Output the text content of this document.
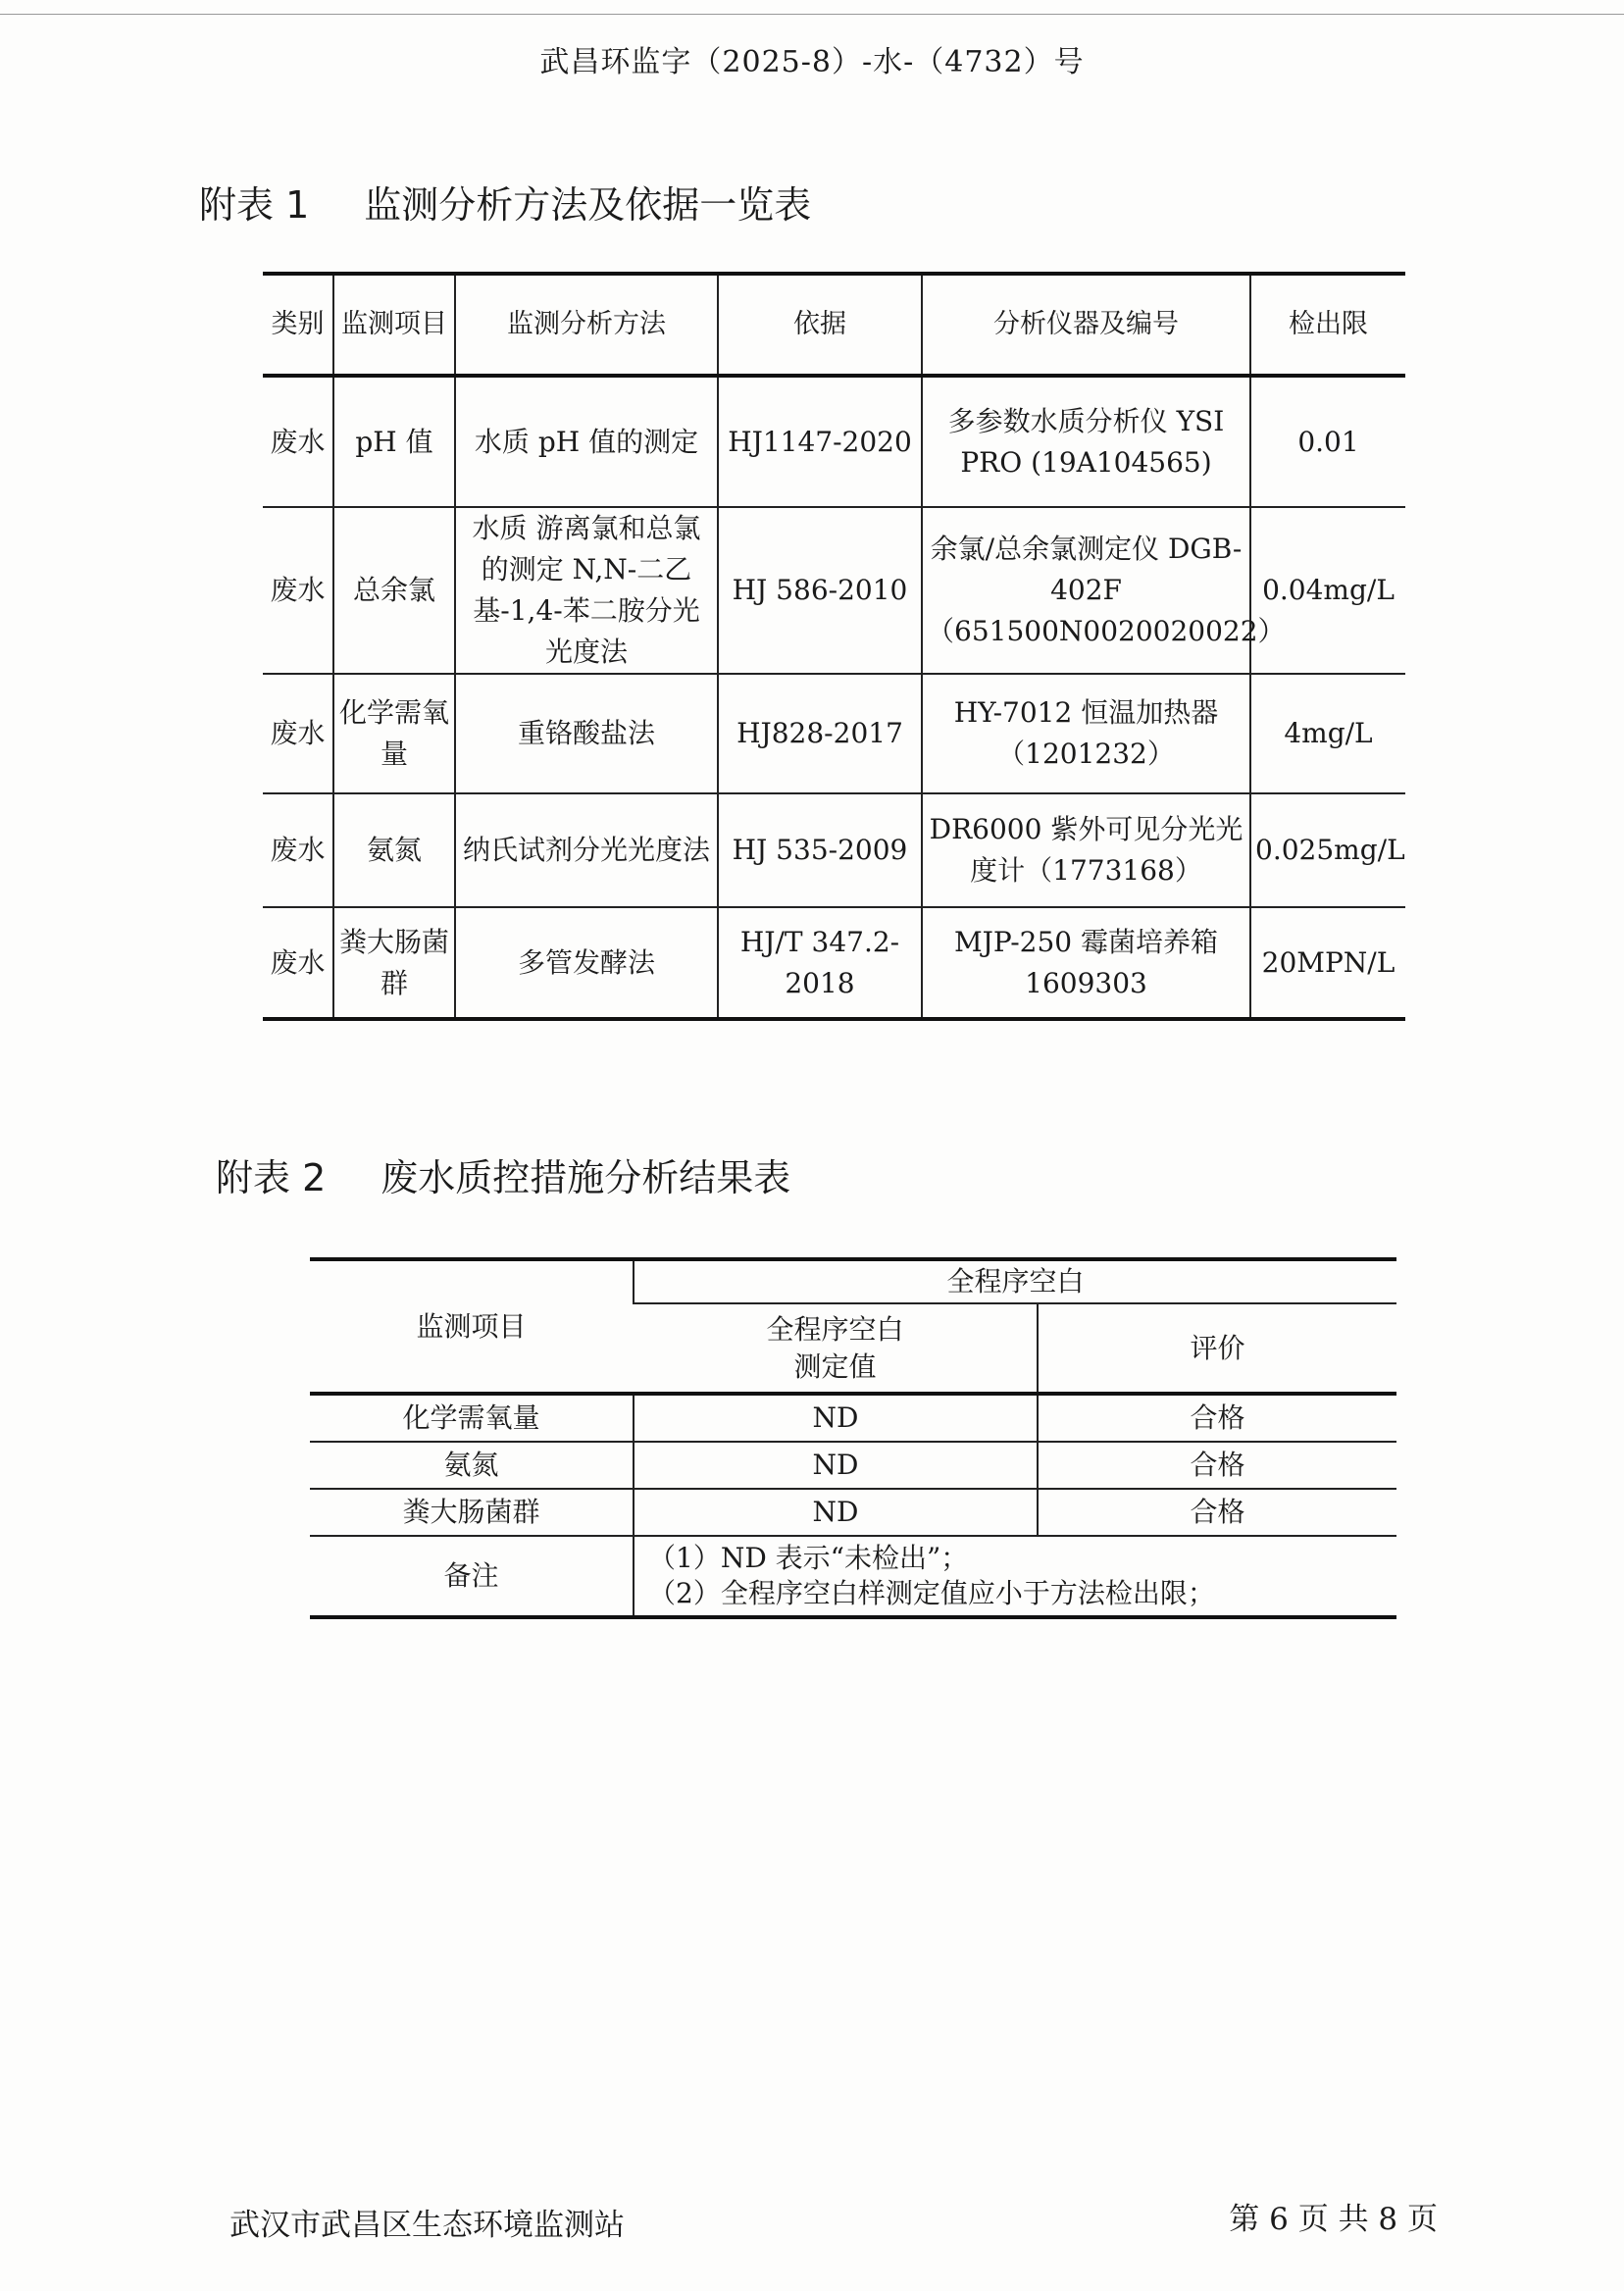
武昌环监字（2025-8）-水-（4732）号
附表 1 监测分析方法及依据一览表
类别	监测项目	监测分析方法	依据	分析仪器及编号	检出限
废水	pH 值	水质 pH 值的测定	HJ1147-2020	多参数水质分析仪 YSI PRO (19A104565)	0.01
废水	总余氯	水质 游离氯和总氯的测定 N,N-二乙基-1,4-苯二胺分光光度法	HJ 586-2010	余氯/总余氯测定仪 DGB-402F （651500N0020020022）	0.04mg/L
废水	化学需氧量	重铬酸盐法	HJ828-2017	HY-7012 恒温加热器 （1201232）	4mg/L
废水	氨氮	纳氏试剂分光光度法	HJ 535-2009	DR6000 紫外可见分光光度计（1773168）	0.025mg/L
废水	粪大肠菌群	多管发酵法	HJ/T 347.2-2018	MJP-250 霉菌培养箱 1609303	20MPN/L
附表 2 废水质控措施分析结果表
监测项目	全程序空白	
	全程序空白测定值	评价
化学需氧量	ND	合格
氨氮	ND	合格
粪大肠菌群	ND	合格
备注	（1）ND 表示“未检出”；
（2）全程序空白样测定值应小于方法检出限；	
武汉市武昌区生态环境监测站	第 6 页 共 8 页
